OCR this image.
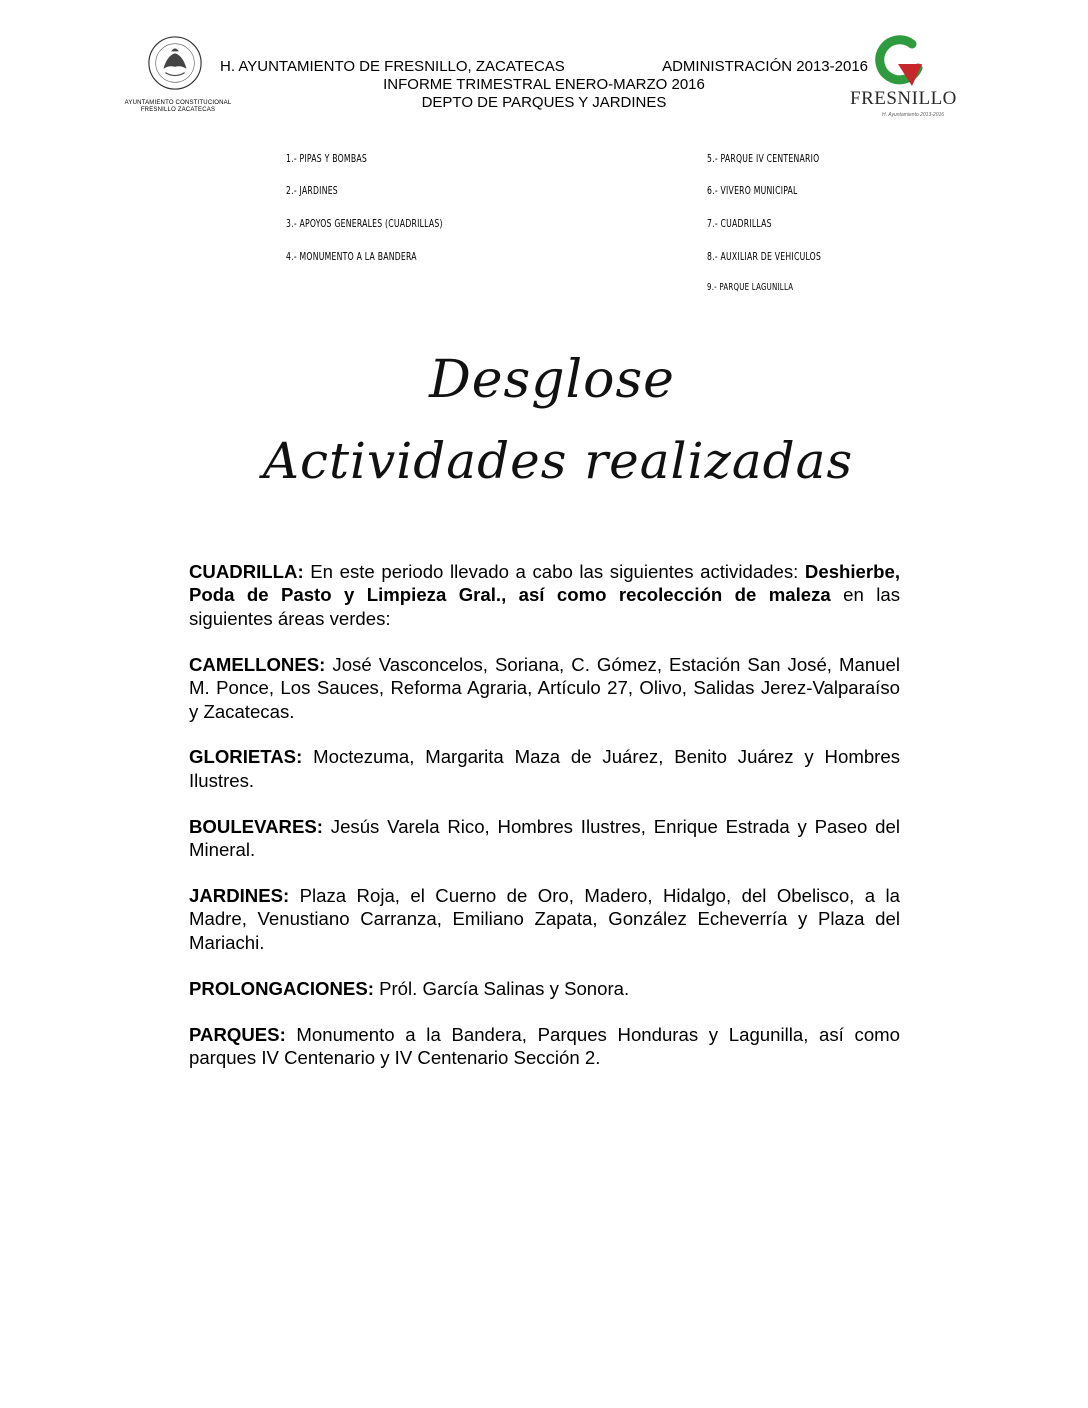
AYUNTAMIENTO CONSTITUCIONAL
FRESNILLO ZACATECAS
H. AYUNTAMIENTO DE FRESNILLO, ZACATECAS	ADMINISTRACIÓN 2013-2016
INFORME TRIMESTRAL ENERO-MARZO 2016
DEPTO DE PARQUES Y JARDINES	FRESNILLO
H. Ayuntamiento 2013-2016
1.- PIPAS Y BOMBAS
2.- JARDINES
3.- APOYOS GENERALES (CUADRILLAS)
4.- MONUMENTO A LA BANDERA
5.- PARQUE IV CENTENARIO
6.- VIVERO MUNICIPAL
7.- CUADRILLAS
8.- AUXILIAR DE VEHICULOS
9.- PARQUE LAGUNILLA
Desglose
Actividades realizadas

CUADRILLA: En este periodo llevado a cabo las siguientes actividades: Deshierbe, Poda de Pasto y Limpieza Gral., así como recolección de maleza en las siguientes áreas verdes:

CAMELLONES: José Vasconcelos, Soriana, C. Gómez, Estación San José, Manuel M. Ponce, Los Sauces, Reforma Agraria, Artículo 27, Olivo, Salidas Jerez-Valparaíso y Zacatecas.

GLORIETAS: Moctezuma, Margarita Maza de Juárez, Benito Juárez y Hombres Ilustres.

BOULEVARES: Jesús Varela Rico, Hombres Ilustres, Enrique Estrada y Paseo del Mineral.

JARDINES: Plaza Roja, el Cuerno de Oro, Madero, Hidalgo, del Obelisco, a la Madre, Venustiano Carranza, Emiliano Zapata, González Echeverría y Plaza del Mariachi.

PROLONGACIONES: Pról. García Salinas y Sonora.

PARQUES: Monumento a la Bandera, Parques Honduras y Lagunilla, así como parques IV Centenario y IV Centenario Sección 2.
